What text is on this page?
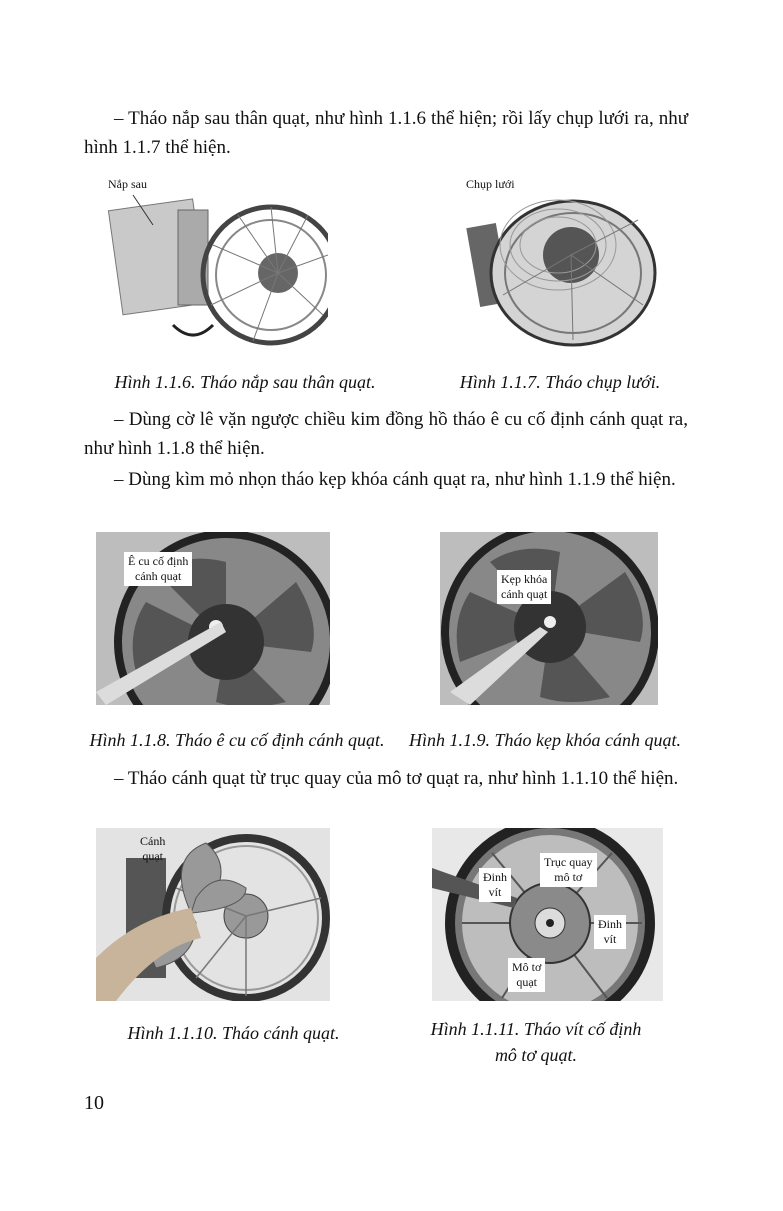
– Tháo nắp sau thân quạt, như hình 1.1.6 thể hiện; rồi lấy chụp lưới ra, như hình 1.1.7 thể hiện.

Nắp sau	Chụp lưới

Hình 1.1.6. Tháo nắp sau thân quạt.	Hình 1.1.7. Tháo chụp lưới.

– Dùng cờ lê vặn ngược chiều kim đồng hồ tháo ê cu cố định cánh quạt ra, như hình 1.1.8 thể hiện.

– Dùng kìm mỏ nhọn tháo kẹp khóa cánh quạt ra, như hình 1.1.9 thể hiện.

Ê cu cố định
cánh quạt	Kẹp khóa
cánh quạt

Hình 1.1.8. Tháo ê cu cố định cánh quạt.	Hình 1.1.9. Tháo kẹp khóa cánh quạt.

– Tháo cánh quạt từ trục quay của mô tơ quạt ra, như hình 1.1.10 thể hiện.

Cánh
quạt
Đinh
vít
Trục quay
mô tơ
Đinh
vít
Mô tơ
quạt

Hình 1.1.10. Tháo cánh quạt.	Hình 1.1.11. Tháo vít cố định
mô tơ quạt.

10
